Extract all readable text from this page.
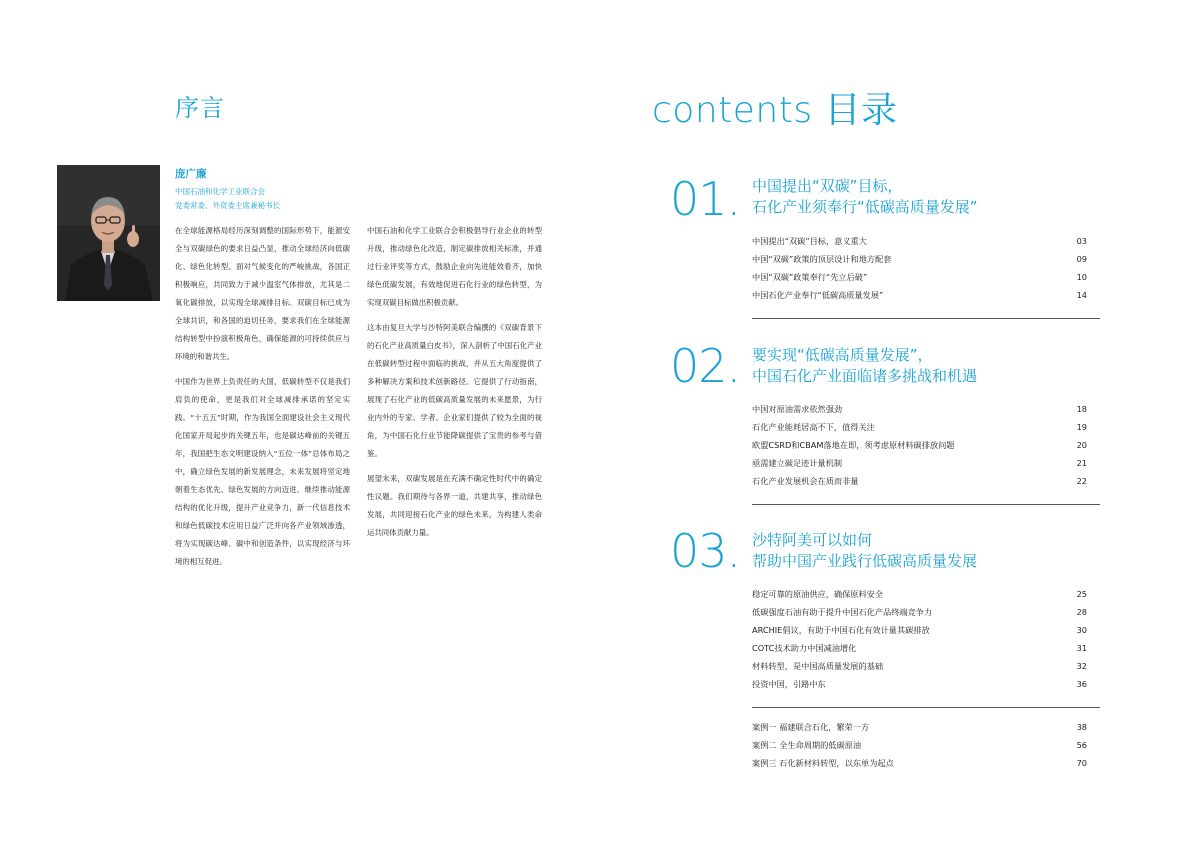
序言
庞广廉
中国石油和化学工业联合会
党委常委、外资委主席兼秘书长

在全球能源格局经历深刻调整的国际形势下，能源安全与双碳绿色的要求日益凸显，推动全球经济向低碳化、绿色化转型。面对气候变化的严峻挑战，各国正积极响应，共同致力于减少温室气体排放，尤其是二氧化碳排放，以实现全球减排目标。双碳目标已成为全球共识，和各国的迫切任务，要求我们在全球能源结构转型中扮演积极角色，确保能源的可持续供应与环境的和谐共生。

中国作为世界上负责任的大国，低碳转型不仅是我们肩负的使命，更是我们对全球减排承诺的坚定实践。“十五五”时期，作为我国全面建设社会主义现代化国家开局起步的关键五年，也是碳达峰前的关键五年，我国把生态文明建设纳入“五位一体”总体布局之中，确立绿色发展的新发展理念，未来发展将坚定地朝着生态优先、绿色发展的方向迈进。继续推动能源结构的优化升级，提升产业竞争力，新一代信息技术和绿色低碳技术应用日益广泛并向各产业领域渗透，将为实现碳达峰、碳中和创造条件，以实现经济与环境的相互促进。

中国石油和化学工业联合会积极倡导行业企业的转型升级，推动绿色化改造，制定碳排放相关标准，并通过行业评奖等方式，鼓励企业向先进能效看齐，加快绿色低碳发展，有效地促进石化行业的绿色转型，为实现双碳目标做出积极贡献。

这本由复旦大学与沙特阿美联合编撰的《双碳背景下的石化产业高质量白皮书》，深入剖析了中国石化产业在低碳转型过程中面临的挑战，并从五大角度提供了多种解决方案和技术创新路径。它提供了行动指南，展现了石化产业的低碳高质量发展的未来愿景，为行业内外的专家、学者、企业家们提供了较为全面的视角，为中国石化行业节能降碳提供了宝贵的参考与借鉴。

展望未来，双碳发展是在充满不确定性时代中的确定性议题。我们期待与各界一道，共建共享，推动绿色发展，共同迎接石化产业的绿色未来，为构建人类命运共同体贡献力量。

contents 目录
01. 中国提出“双碳”目标，
石化产业须奉行“低碳高质量发展”
中国提出“双碳”目标，意义重大	03
中国“双碳”政策的顶层设计和地方配套	09
中国“双碳”政策奉行“先立后破”	10
中国石化产业奉行“低碳高质量发展”	14
02. 要实现“低碳高质量发展”，
中国石化产业面临诸多挑战和机遇
中国对原油需求依然强劲	18
石化产业能耗居高不下，值得关注	19
欧盟CSRD和CBAM落地在即，须考虑原材料碳排放问题	20
亟需建立碳足迹计量机制	21
石化产业发展机会在质而非量	22
03. 沙特阿美可以如何
帮助中国产业践行低碳高质量发展
稳定可靠的原油供应，确保原料安全	25
低碳强度石油有助于提升中国石化产品终端竞争力	28
ARCHIE倡议，有助于中国石化有效计量其碳排放	30
COTC技术助力中国减油增化	31
材料转型，是中国高质量发展的基础	32
投资中国，引路中东	36
案例一 福建联合石化，繁荣一方	38
案例二 全生命周期的低碳原油	56
案例三 石化新材料转型，以东单为起点	70
